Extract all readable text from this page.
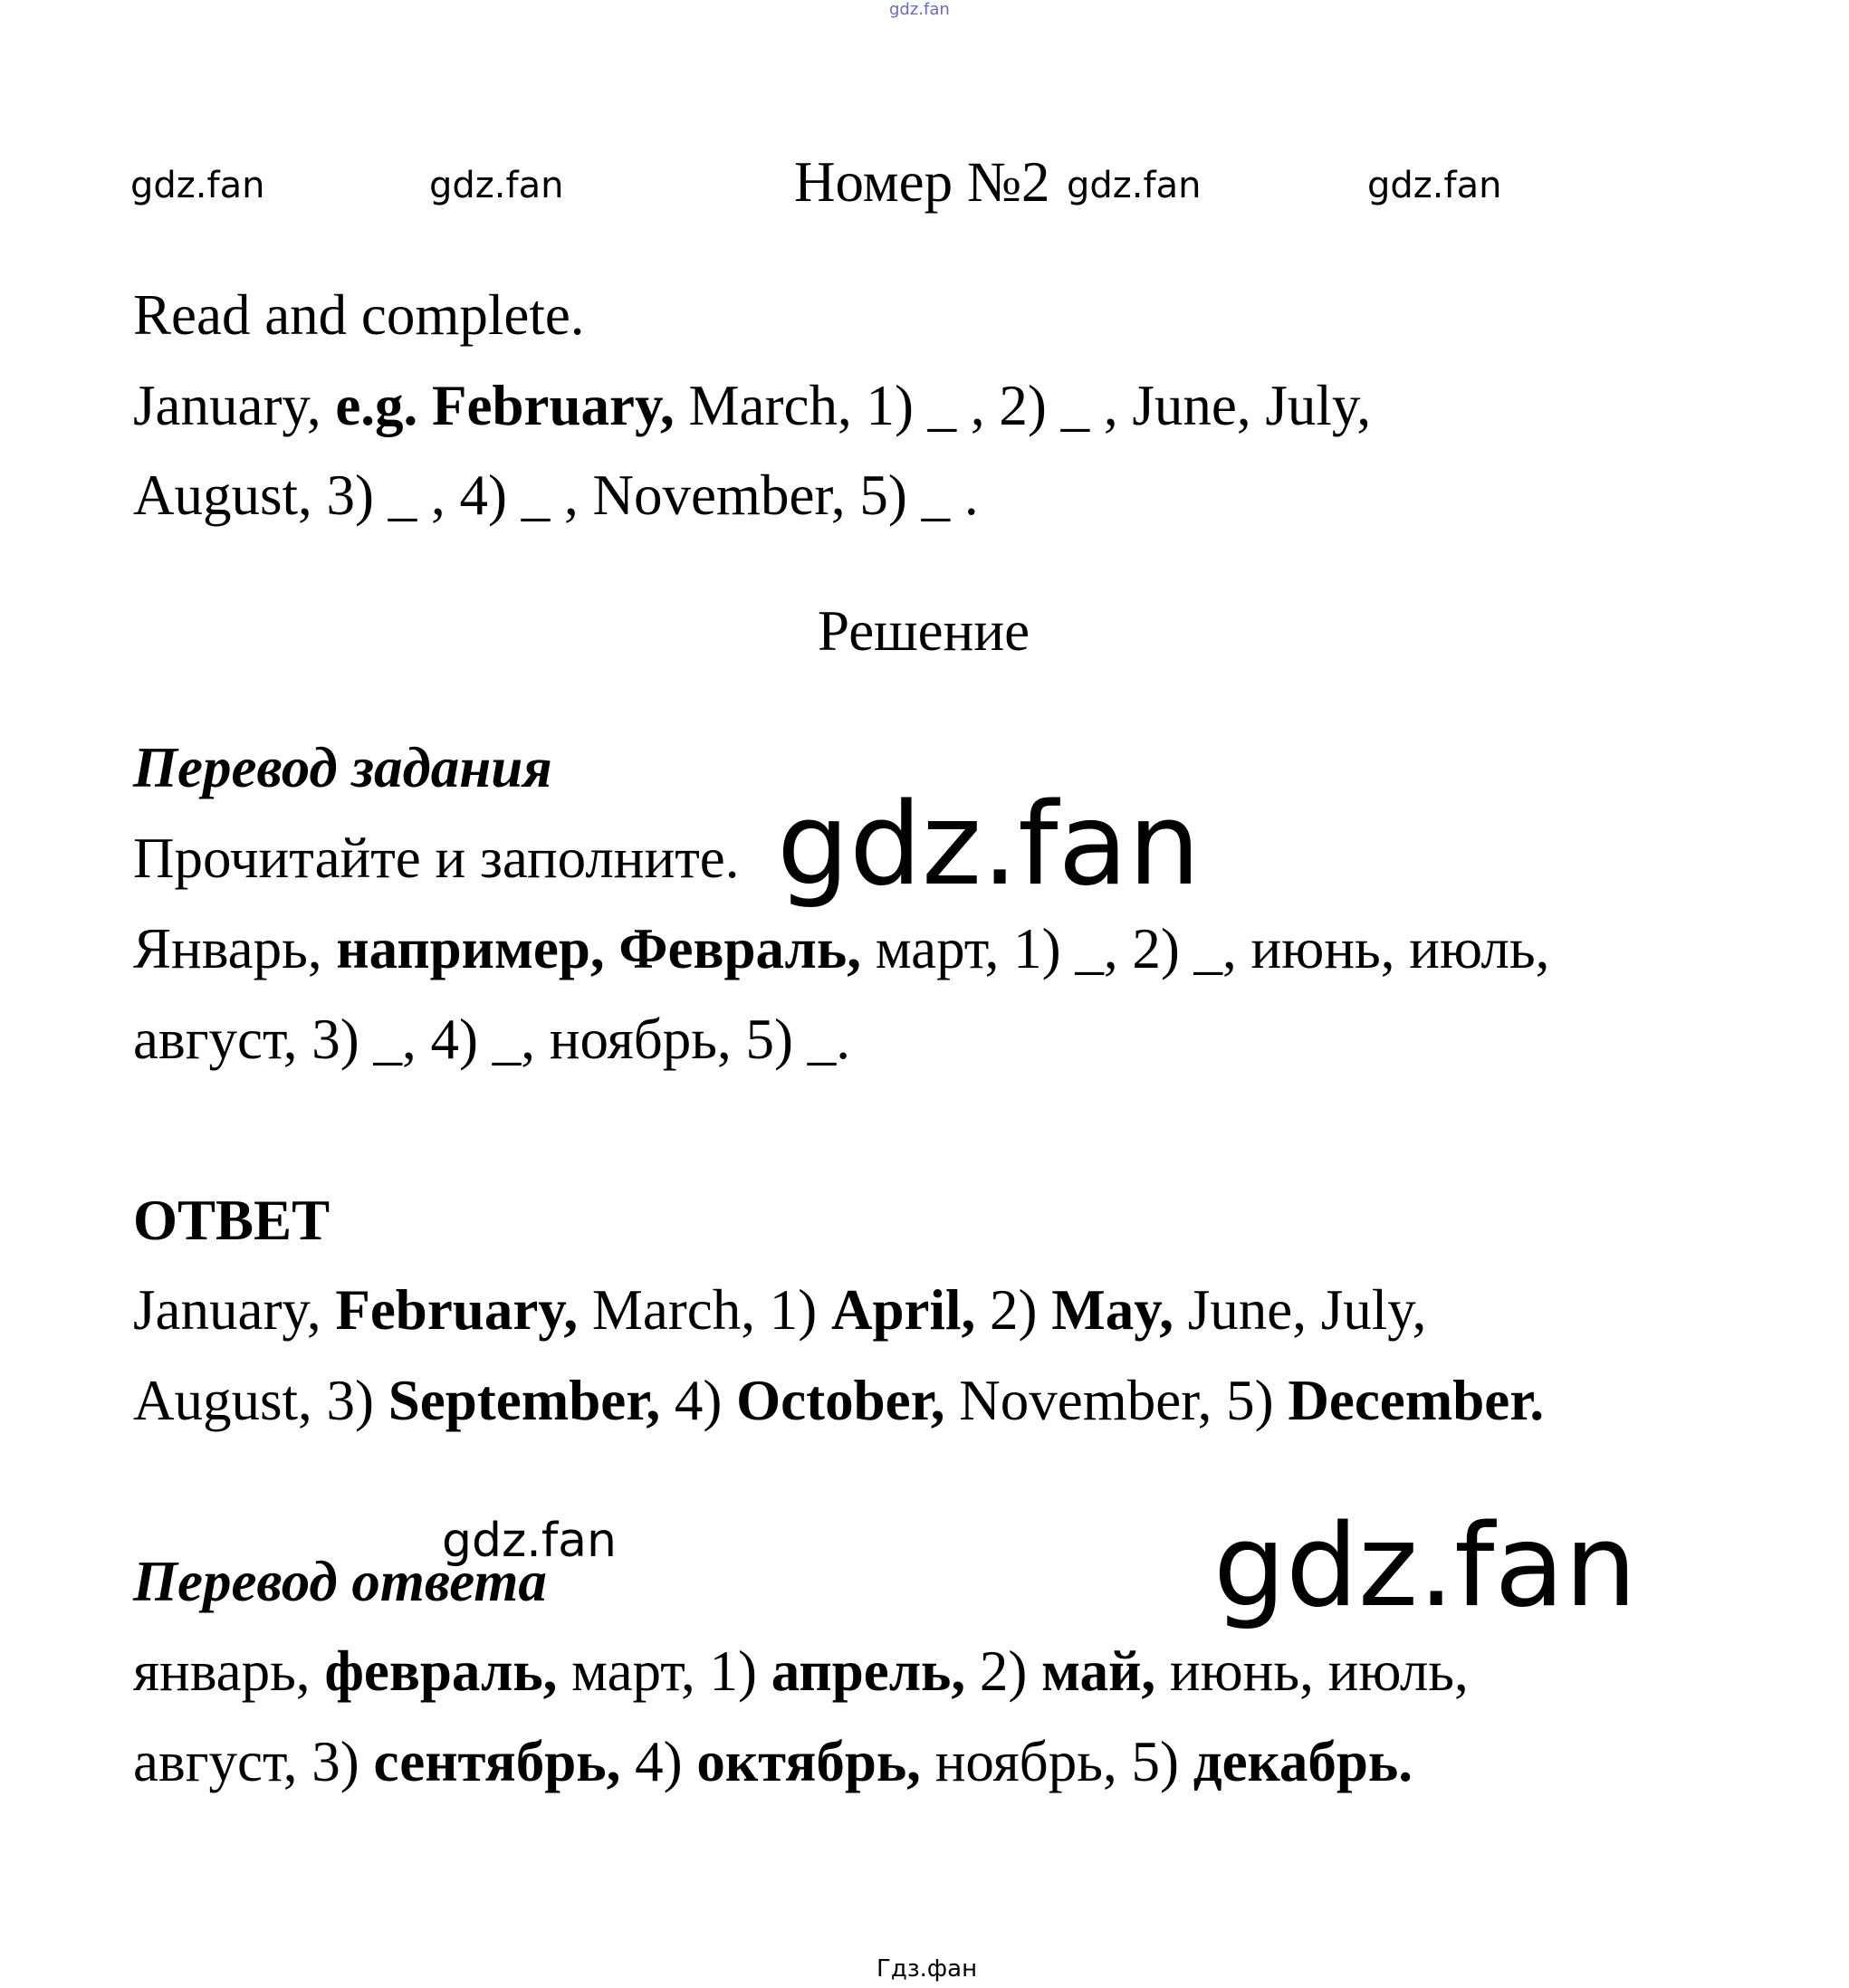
gdz.fan
gdz.fan	gdz.fan	Номер №2 gdz.fan	gdz.fan
Read and complete.
January, e.g. February, March, 1) _ , 2) _ , June, July,
August, 3) _ , 4) _ , November, 5) _ .
Решение
Перевод задания
Прочитайте и заполните. gdz.fan
Январь, например, Февраль, март, 1) _, 2) _, июнь, июль,
август, 3) _, 4) _, ноябрь, 5) _.
ОТВЕТ
January, February, March, 1) April, 2) May, June, July,
August, 3) September, 4) October, November, 5) December.
gdz.fan
Перевод ответа	gdz.fan
январь, февраль, март, 1) апрель, 2) май, июнь, июль,
август, 3) сентябрь, 4) октябрь, ноябрь, 5) декабрь.
Гдз.фан
